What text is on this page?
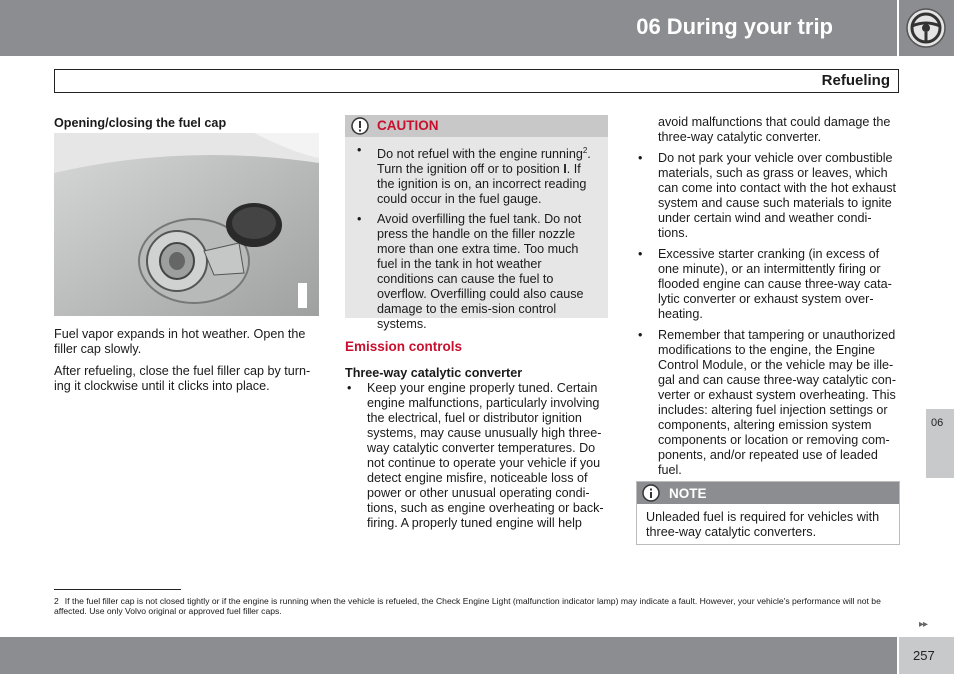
06 During your trip
Refueling
Opening/closing the fuel cap

Fuel vapor expands in hot weather. Open the filler cap slowly.

After refueling, close the fuel filler cap by turn-ing it clockwise until it clicks into place.

CAUTION
• Do not refuel with the engine running$^2$. Turn the ignition off or to position I. If the ignition is on, an incorrect reading could occur in the fuel gauge.
• Avoid overfilling the fuel tank. Do not press the handle on the filler nozzle more than one extra time. Too much fuel in the tank in hot weather conditions can cause the fuel to overflow. Overfilling could also cause damage to the emis-sion control systems.
Emission controls
Three-way catalytic converter
• Keep your engine properly tuned. Certain engine malfunctions, particularly involving the electrical, fuel or distributor ignition systems, may cause unusually high three-way catalytic converter temperatures. Do not continue to operate your vehicle if you detect engine misfire, noticeable loss of power or other unusual operating condi-tions, such as engine overheating or back-firing. A properly tuned engine will help

avoid malfunctions that could damage the three-way catalytic converter.

• Do not park your vehicle over combustible materials, such as grass or leaves, which can come into contact with the hot exhaust system and cause such materials to ignite under certain wind and weather condi-tions.
• Excessive starter cranking (in excess of one minute), or an intermittently firing or flooded engine can cause three-way cata-lytic converter or exhaust system over-heating.
• Remember that tampering or unauthorized modifications to the engine, the Engine Control Module, or the vehicle may be ille-gal and can cause three-way catalytic con-verter or exhaust system overheating. This includes: altering fuel injection settings or components, altering emission system components or location or removing com-ponents, and/or repeated use of leaded fuel.
NOTE
Unleaded fuel is required for vehicles with three-way catalytic converters.
06
2 If the fuel filler cap is not closed tightly or if the engine is running when the vehicle is refueled, the Check Engine Light (malfunction indicator lamp) may indicate a fault. However, your vehicle's performance will not be affected. Use only Volvo original or approved fuel filler caps.
▸▸
257
